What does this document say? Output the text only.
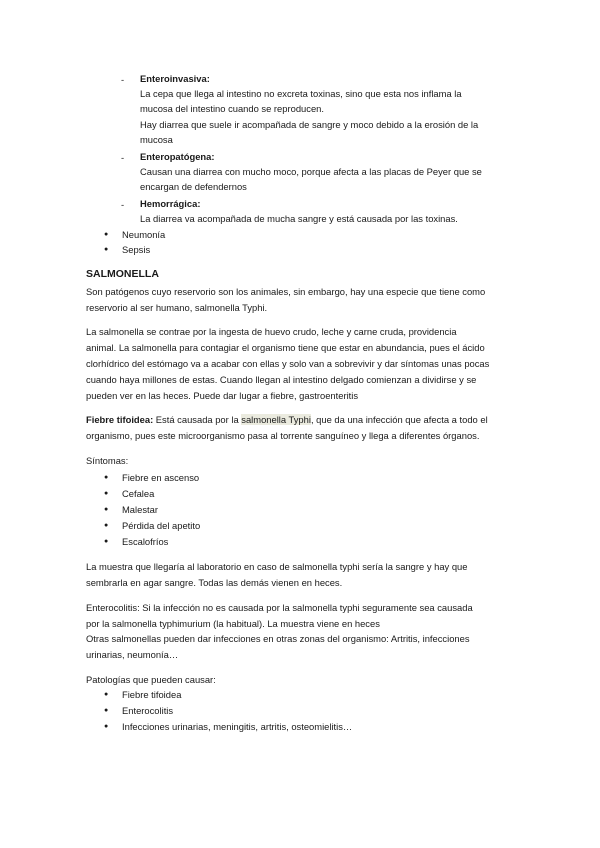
- Enteroinvasiva:
La cepa que llega al intestino no excreta toxinas, sino que esta nos inflama la
mucosa del intestino cuando se reproducen.
Hay diarrea que suele ir acompañada de sangre y moco debido a la erosión de la
mucosa
- Enteropatógena:
Causan una diarrea con mucho moco, porque afecta a las placas de Peyer que se
encargan de defendernos
- Hemorrágica:
La diarrea va acompañada de mucha sangre y está causada por las toxinas.
● Neumonía
● Sepsis
SALMONELLA
Son patógenos cuyo reservorio son los animales, sin embargo, hay una especie que tiene como
reservorio al ser humano, salmonella Typhi.
La salmonella se contrae por la ingesta de huevo crudo, leche y carne cruda, providencia
animal. La salmonella para contagiar el organismo tiene que estar en abundancia, pues el ácido
clorhídrico del estómago va a acabar con ellas y solo van a sobrevivir y dar síntomas unas pocas
cuando haya millones de estas. Cuando llegan al intestino delgado comienzan a dividirse y se
pueden ver en las heces. Puede dar lugar a fiebre, gastroenteritis
Fiebre tifoidea: Está causada por la salmonella Typhi, que da una infección que afecta a todo el
organismo, pues este microorganismo pasa al torrente sanguíneo y llega a diferentes órganos.
Síntomas:
● Fiebre en ascenso
● Cefalea
● Malestar
● Pérdida del apetito
● Escalofríos
La muestra que llegaría al laboratorio en caso de salmonella typhi sería la sangre y hay que
sembrarla en agar sangre. Todas las demás vienen en heces.
Enterocolitis: Si la infección no es causada por la salmonella typhi seguramente sea causada
por la salmonella typhimurium (la habitual). La muestra viene en heces
Otras salmonellas pueden dar infecciones en otras zonas del organismo: Artritis, infecciones
urinarias, neumonía…
Patologías que pueden causar:
● Fiebre tifoidea
● Enterocolitis
● Infecciones urinarias, meningitis, artritis, osteomielitis…
